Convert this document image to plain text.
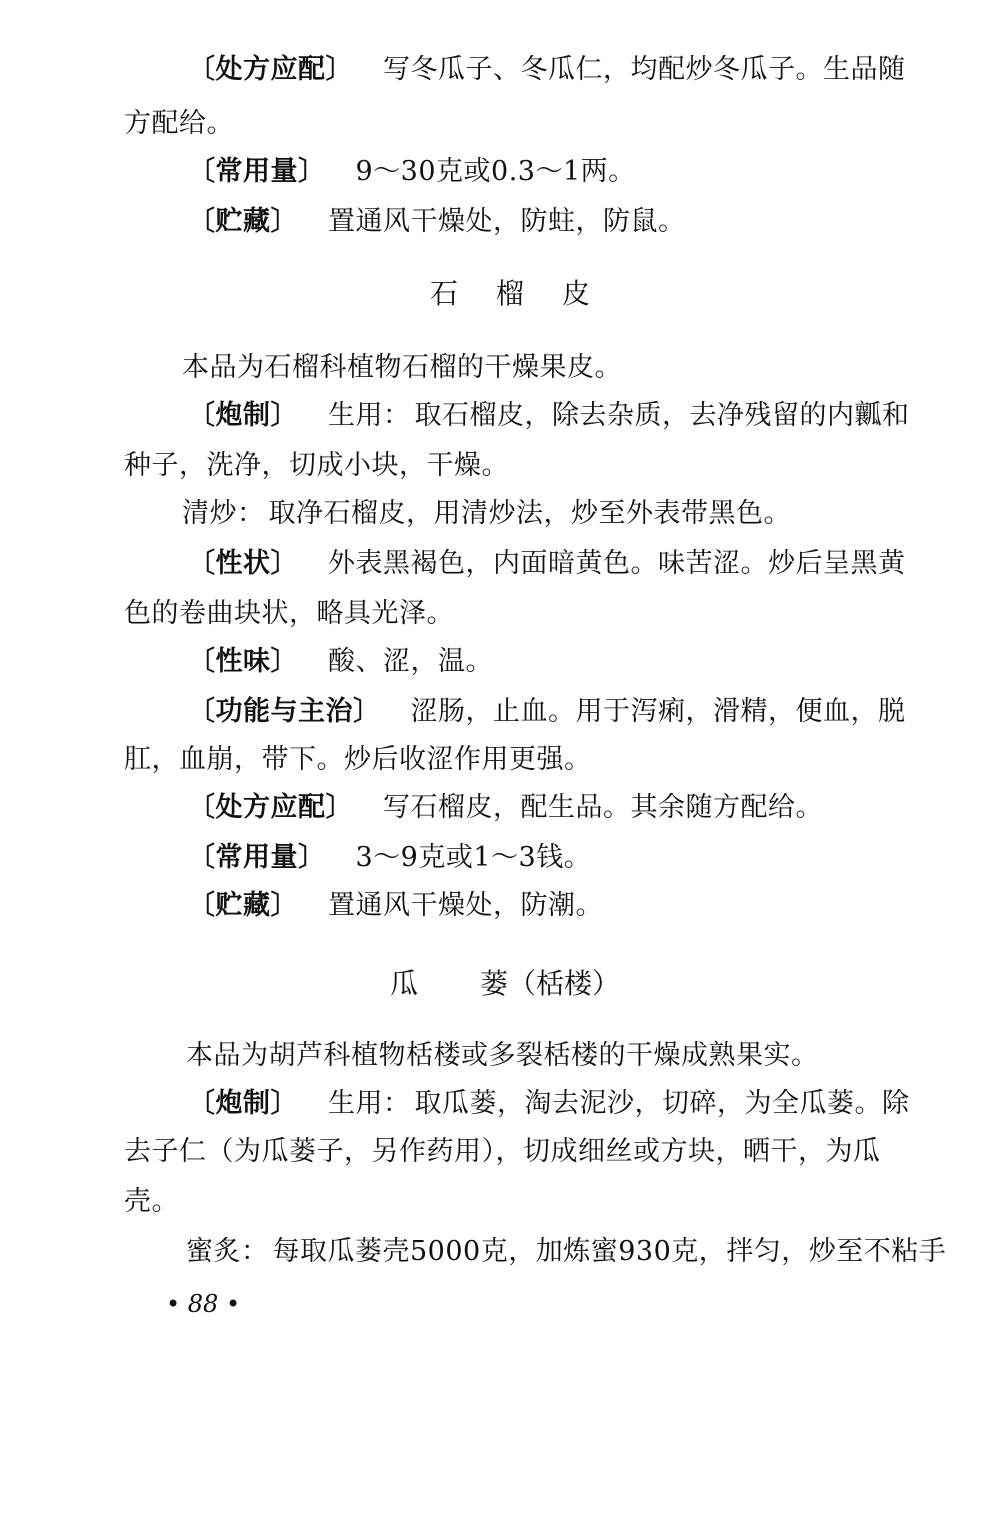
〔处方应配〕 写冬瓜子、冬瓜仁，均配炒冬瓜子。生品随
方配给。
〔常用量〕 9～30克或0.3～1两。
〔贮藏〕 置通风干燥处，防蛀，防鼠。
石 榴 皮
本品为石榴科植物石榴的干燥果皮。
〔炮制〕 生用： 取石榴皮，除去杂质，去净残留的内瓤和
种子，洗净，切成小块，干燥。
清炒： 取净石榴皮，用清炒法，炒至外表带黑色。
〔性状〕 外表黑褐色，内面暗黄色。味苦涩。炒后呈黑黄
色的卷曲块状，略具光泽。
〔性味〕 酸、涩，温。
〔功能与主治〕 涩肠，止血。用于泻痢，滑精，便血，脱
肛，血崩，带下。炒后收涩作用更强。
〔处方应配〕 写石榴皮，配生品。其余随方配给。
〔常用量〕 3～9克或1～3钱。
〔贮藏〕 置通风干燥处，防潮。
瓜 蒌（栝楼）
本品为胡芦科植物栝楼或多裂栝楼的干燥成熟果实。
〔炮制〕 生用： 取瓜蒌，淘去泥沙，切碎，为全瓜蒌。除
去子仁（为瓜蒌子，另作药用），切成细丝或方块，晒干，为瓜
壳。
蜜炙： 每取瓜蒌壳5000克，加炼蜜930克，拌匀，炒至不粘手
• 88 •
